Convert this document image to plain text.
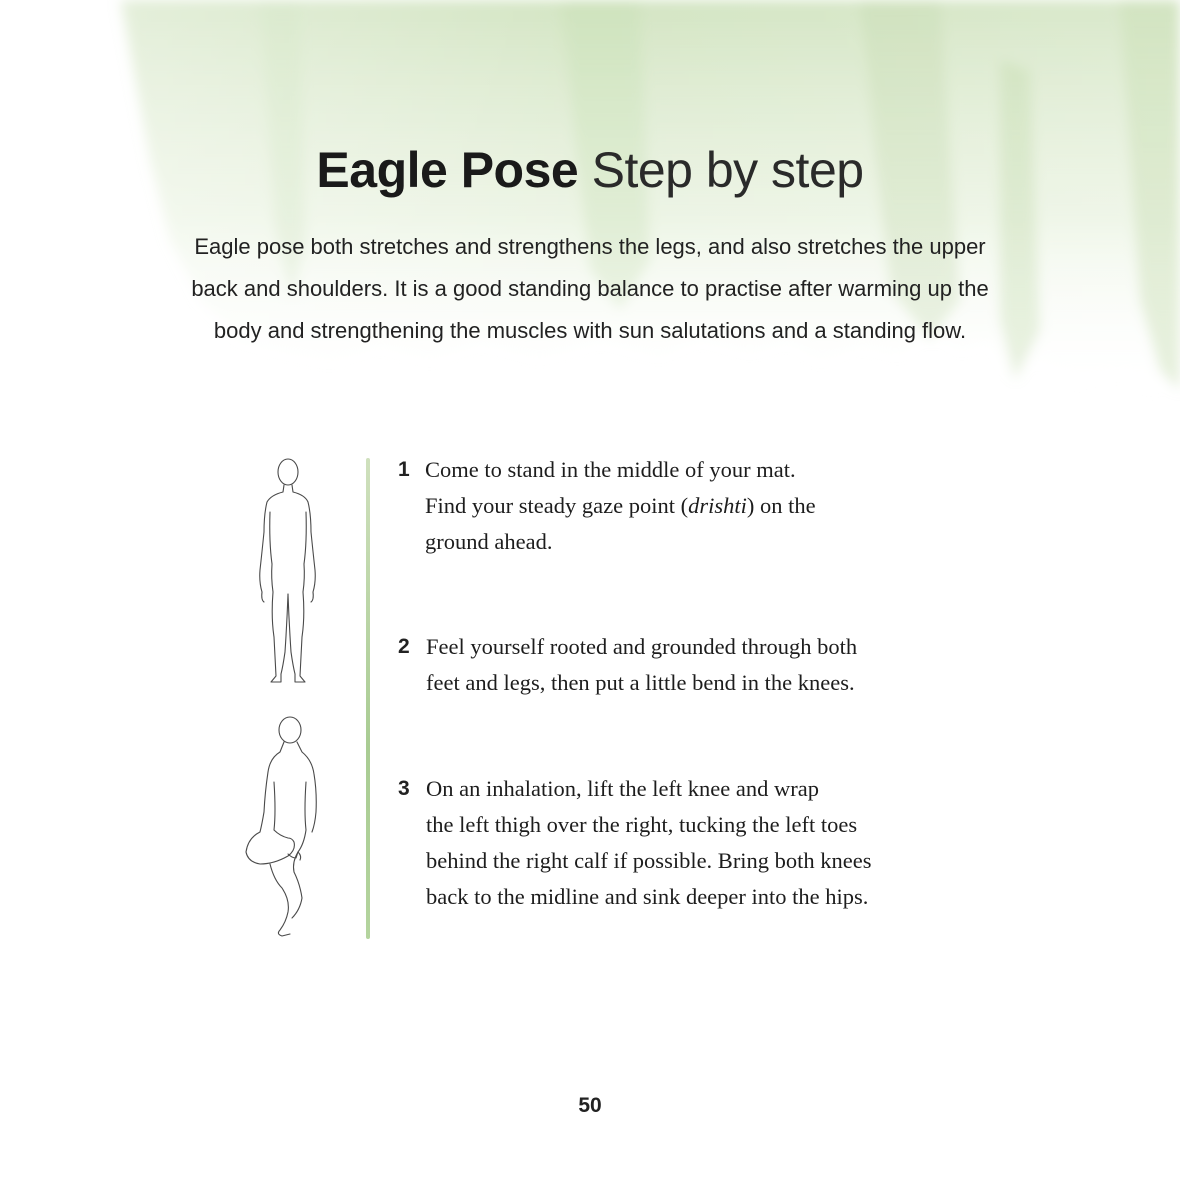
Eagle Pose Step by step
Eagle pose both stretches and strengthens the legs, and also stretches the upper
back and shoulders. It is a good standing balance to practise after warming up the
body and strengthening the muscles with sun salutations and a standing flow.
1 Come to stand in the middle of your mat.

Find your steady gaze point (drishti) on the

ground ahead.

2 Feel yourself rooted and grounded through both

feet and legs, then put a little bend in the knees.

3 On an inhalation, lift the left knee and wrap

the left thigh over the right, tucking the left toes

behind the right calf if possible. Bring both knees

back to the midline and sink deeper into the hips.

50
